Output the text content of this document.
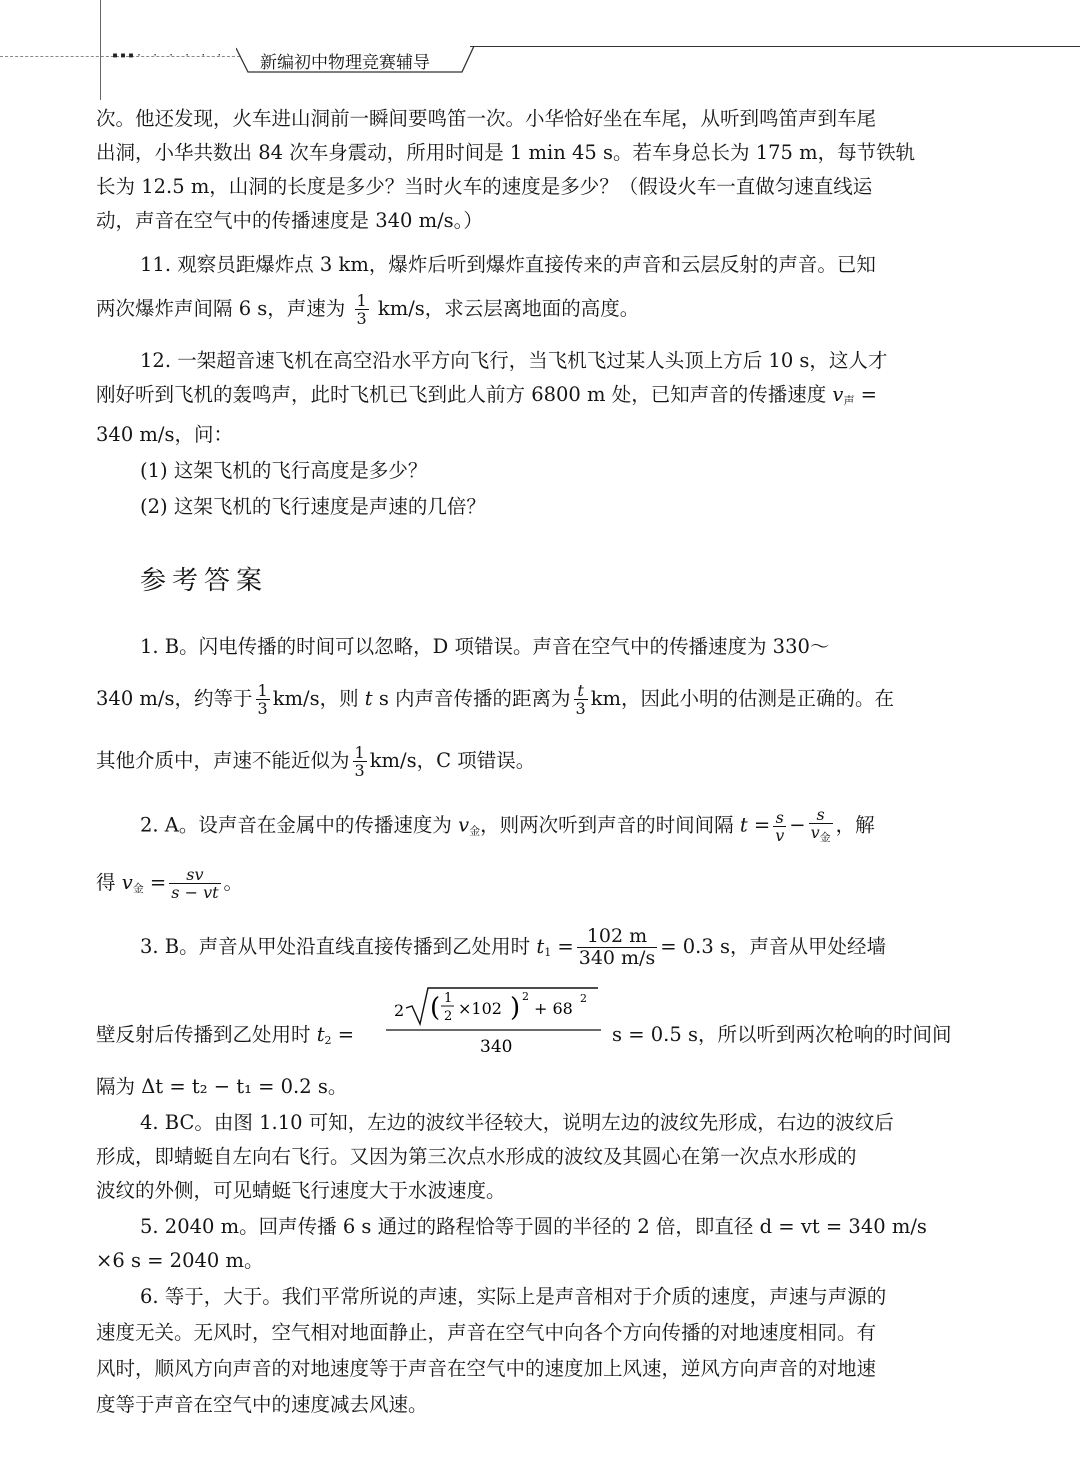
▪▪▪· · · · · · 新编初中物理竞赛辅导
次。他还发现，火车进山洞前一瞬间要鸣笛一次。小华恰好坐在车尾，从听到鸣笛声到车尾
出洞，小华共数出 84 次车身震动，所用时间是 1 min 45 s。若车身总长为 175 m，每节铁轨
长为 12.5 m，山洞的长度是多少？当时火车的速度是多少？（假设火车一直做匀速直线运
动，声音在空气中的传播速度是 340 m/s。）
11. 观察员距爆炸点 3 km，爆炸后听到爆炸直接传来的声音和云层反射的声音。已知
两次爆炸声间隔 6 s，声速为 $\frac{1}{3} km/s$，求云层离地面的高度。
12. 一架超音速飞机在高空沿水平方向飞行，当飞机飞过某人头顶上方后 10 s，这人才
刚好听到飞机的轰鸣声，此时飞机已飞到此人前方 6800 m 处，已知声音的传播速度 $v_声$ =
340 m/s，问：
(1) 这架飞机的飞行高度是多少？
(2) 这架飞机的飞行速度是声速的几倍？
参考答案
1. B。闪电传播的时间可以忽略，D 项错误。声音在空气中的传播速度为 330～
340 m/s，约等于 $\frac{1}{3} km/s$，则 t s 内声音传播的距离为 $\frac{t}{3}$ km，因此小明的估测是正确的。在
其他介质中，声速不能近似为 $\frac{1}{3} km/s$，C 项错误。
2. A。设声音在金属中的传播速度为 $v_金$，则两次听到声音的时间间隔 $t = \frac{s}{v} - \frac{s}{v_金}$ ，解
得 $v_金 = \frac{sv}{s - vt}$ 。
3. B。声音从甲处沿直线直接传播到乙处用时 $t_1 = \frac{102 m}{340 m/s} = 0.3$ s，声音从甲处经墙
壁反射后传播到乙处用时 $t_2$ =
2 ( 1
2 ×102 ) 2
+ 68
2
340
s = 0.5 s，所以听到两次枪响的时间间
隔为 Δt = t₂ − t₁ = 0.2 s。
4. BC。由图 1.10 可知，左边的波纹半径较大，说明左边的波纹先形成，右边的波纹后
形成，即蜻蜓自左向右飞行。又因为第三次点水形成的波纹及其圆心在第一次点水形成的
波纹的外侧，可见蜻蜓飞行速度大于水波速度。
5. 2040 m。回声传播 6 s 通过的路程恰等于圆的半径的 2 倍，即直径 d = vt = 340 m/s
×6 s = 2040 m。
6. 等于，大于。我们平常所说的声速，实际上是声音相对于介质的速度，声速与声源的
速度无关。无风时，空气相对地面静止，声音在空气中向各个方向传播的对地速度相同。有
风时，顺风方向声音的对地速度等于声音在空气中的速度加上风速，逆风方向声音的对地速
度等于声音在空气中的速度减去风速。
